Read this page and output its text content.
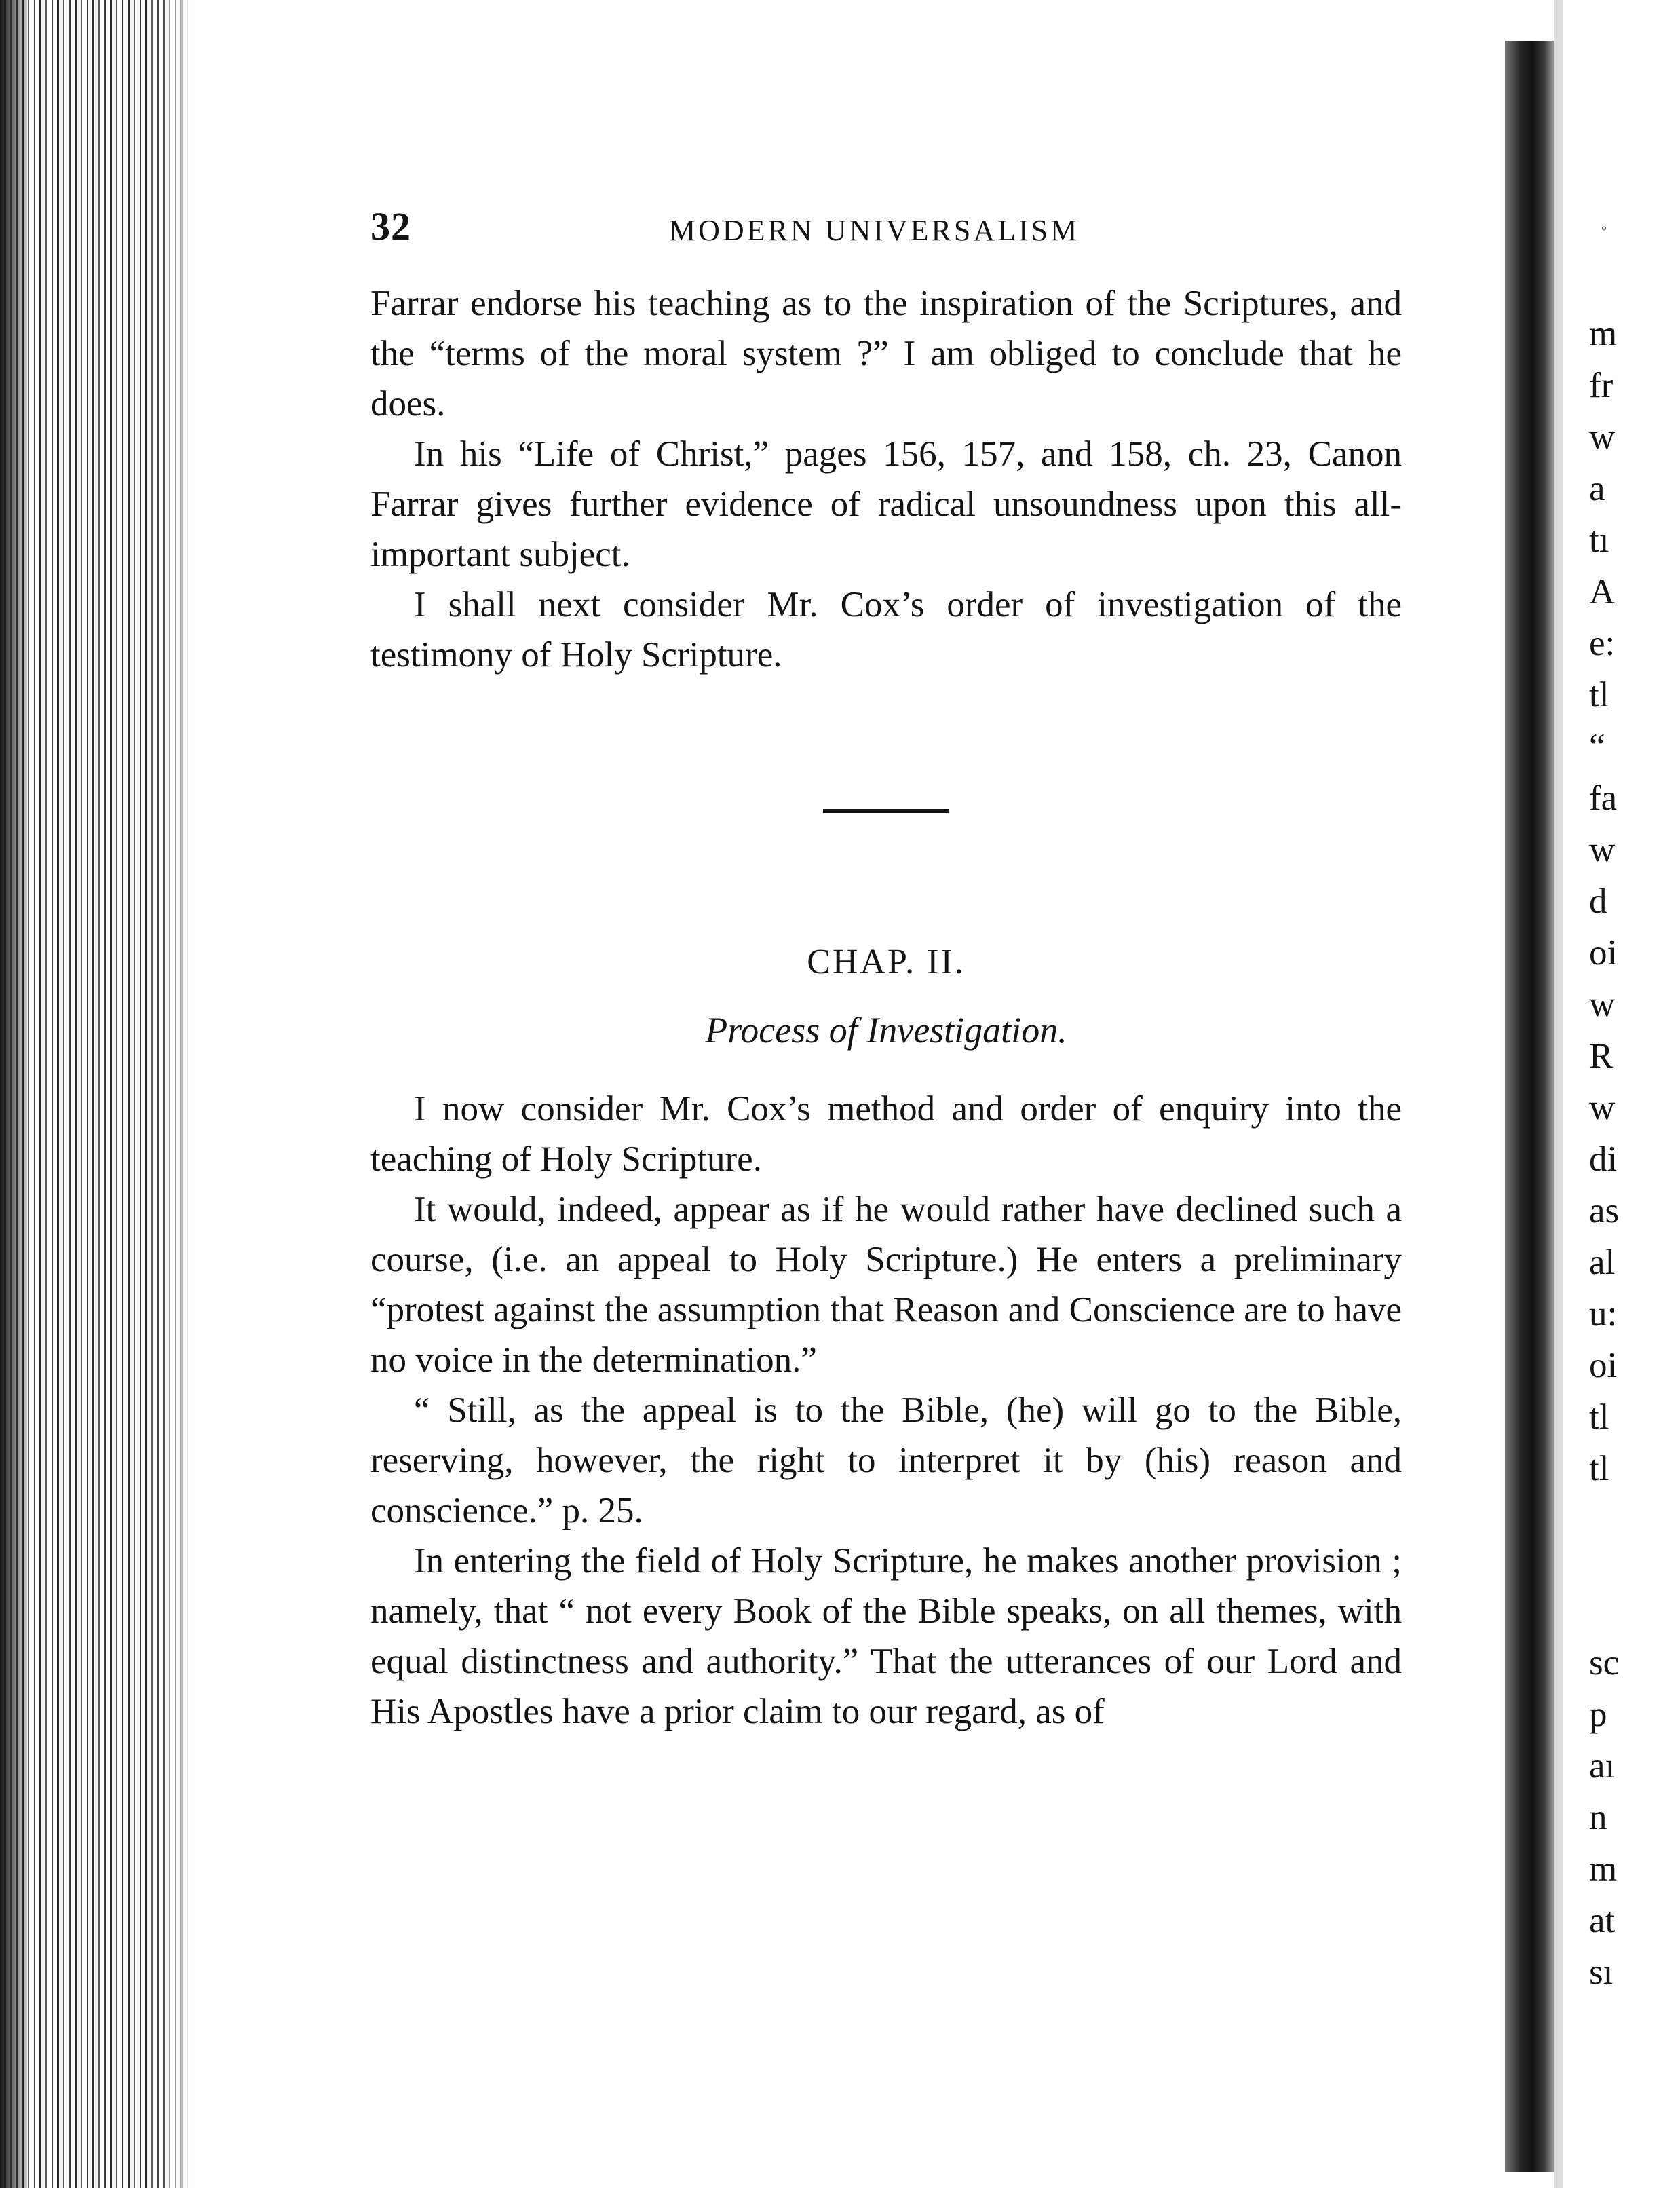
32	MODERN UNIVERSALISM

Farrar endorse his teaching as to the inspiration of the Scriptures, and the “terms of the moral system ?” I am obliged to conclude that he does.

In his “Life of Christ,” pages 156, 157, and 158, ch. 23, Canon Farrar gives further evidence of radical unsoundness upon this all-important subject.

I shall next consider Mr. Cox’s order of investigation of the testimony of Holy Scripture.

CHAP. II.
Process of Investigation.

I now consider Mr. Cox’s method and order of enquiry into the teaching of Holy Scripture.

It would, indeed, appear as if he would rather have declined such a course, (i.e. an appeal to Holy Scripture.) He enters a preliminary “protest against the assumption that Reason and Conscience are to have no voice in the determination.”

“ Still, as the appeal is to the Bible, (he) will go to the Bible, reserving, however, the right to interpret it by (his) reason and conscience.” p. 25.

In entering the field of Holy Scripture, he makes another provision ; namely, that “ not every Book of the Bible speaks, on all themes, with equal distinctness and authority.” That the utterances of our Lord and His Apostles have a prior claim to our regard, as of

°
m
fr
w
a
tı
A
e:
tl
“
fa
w
d
oi
w
R
w
di
as
al
u:
oi
tl
tl
sc
p
aı
n
m
at
sı
